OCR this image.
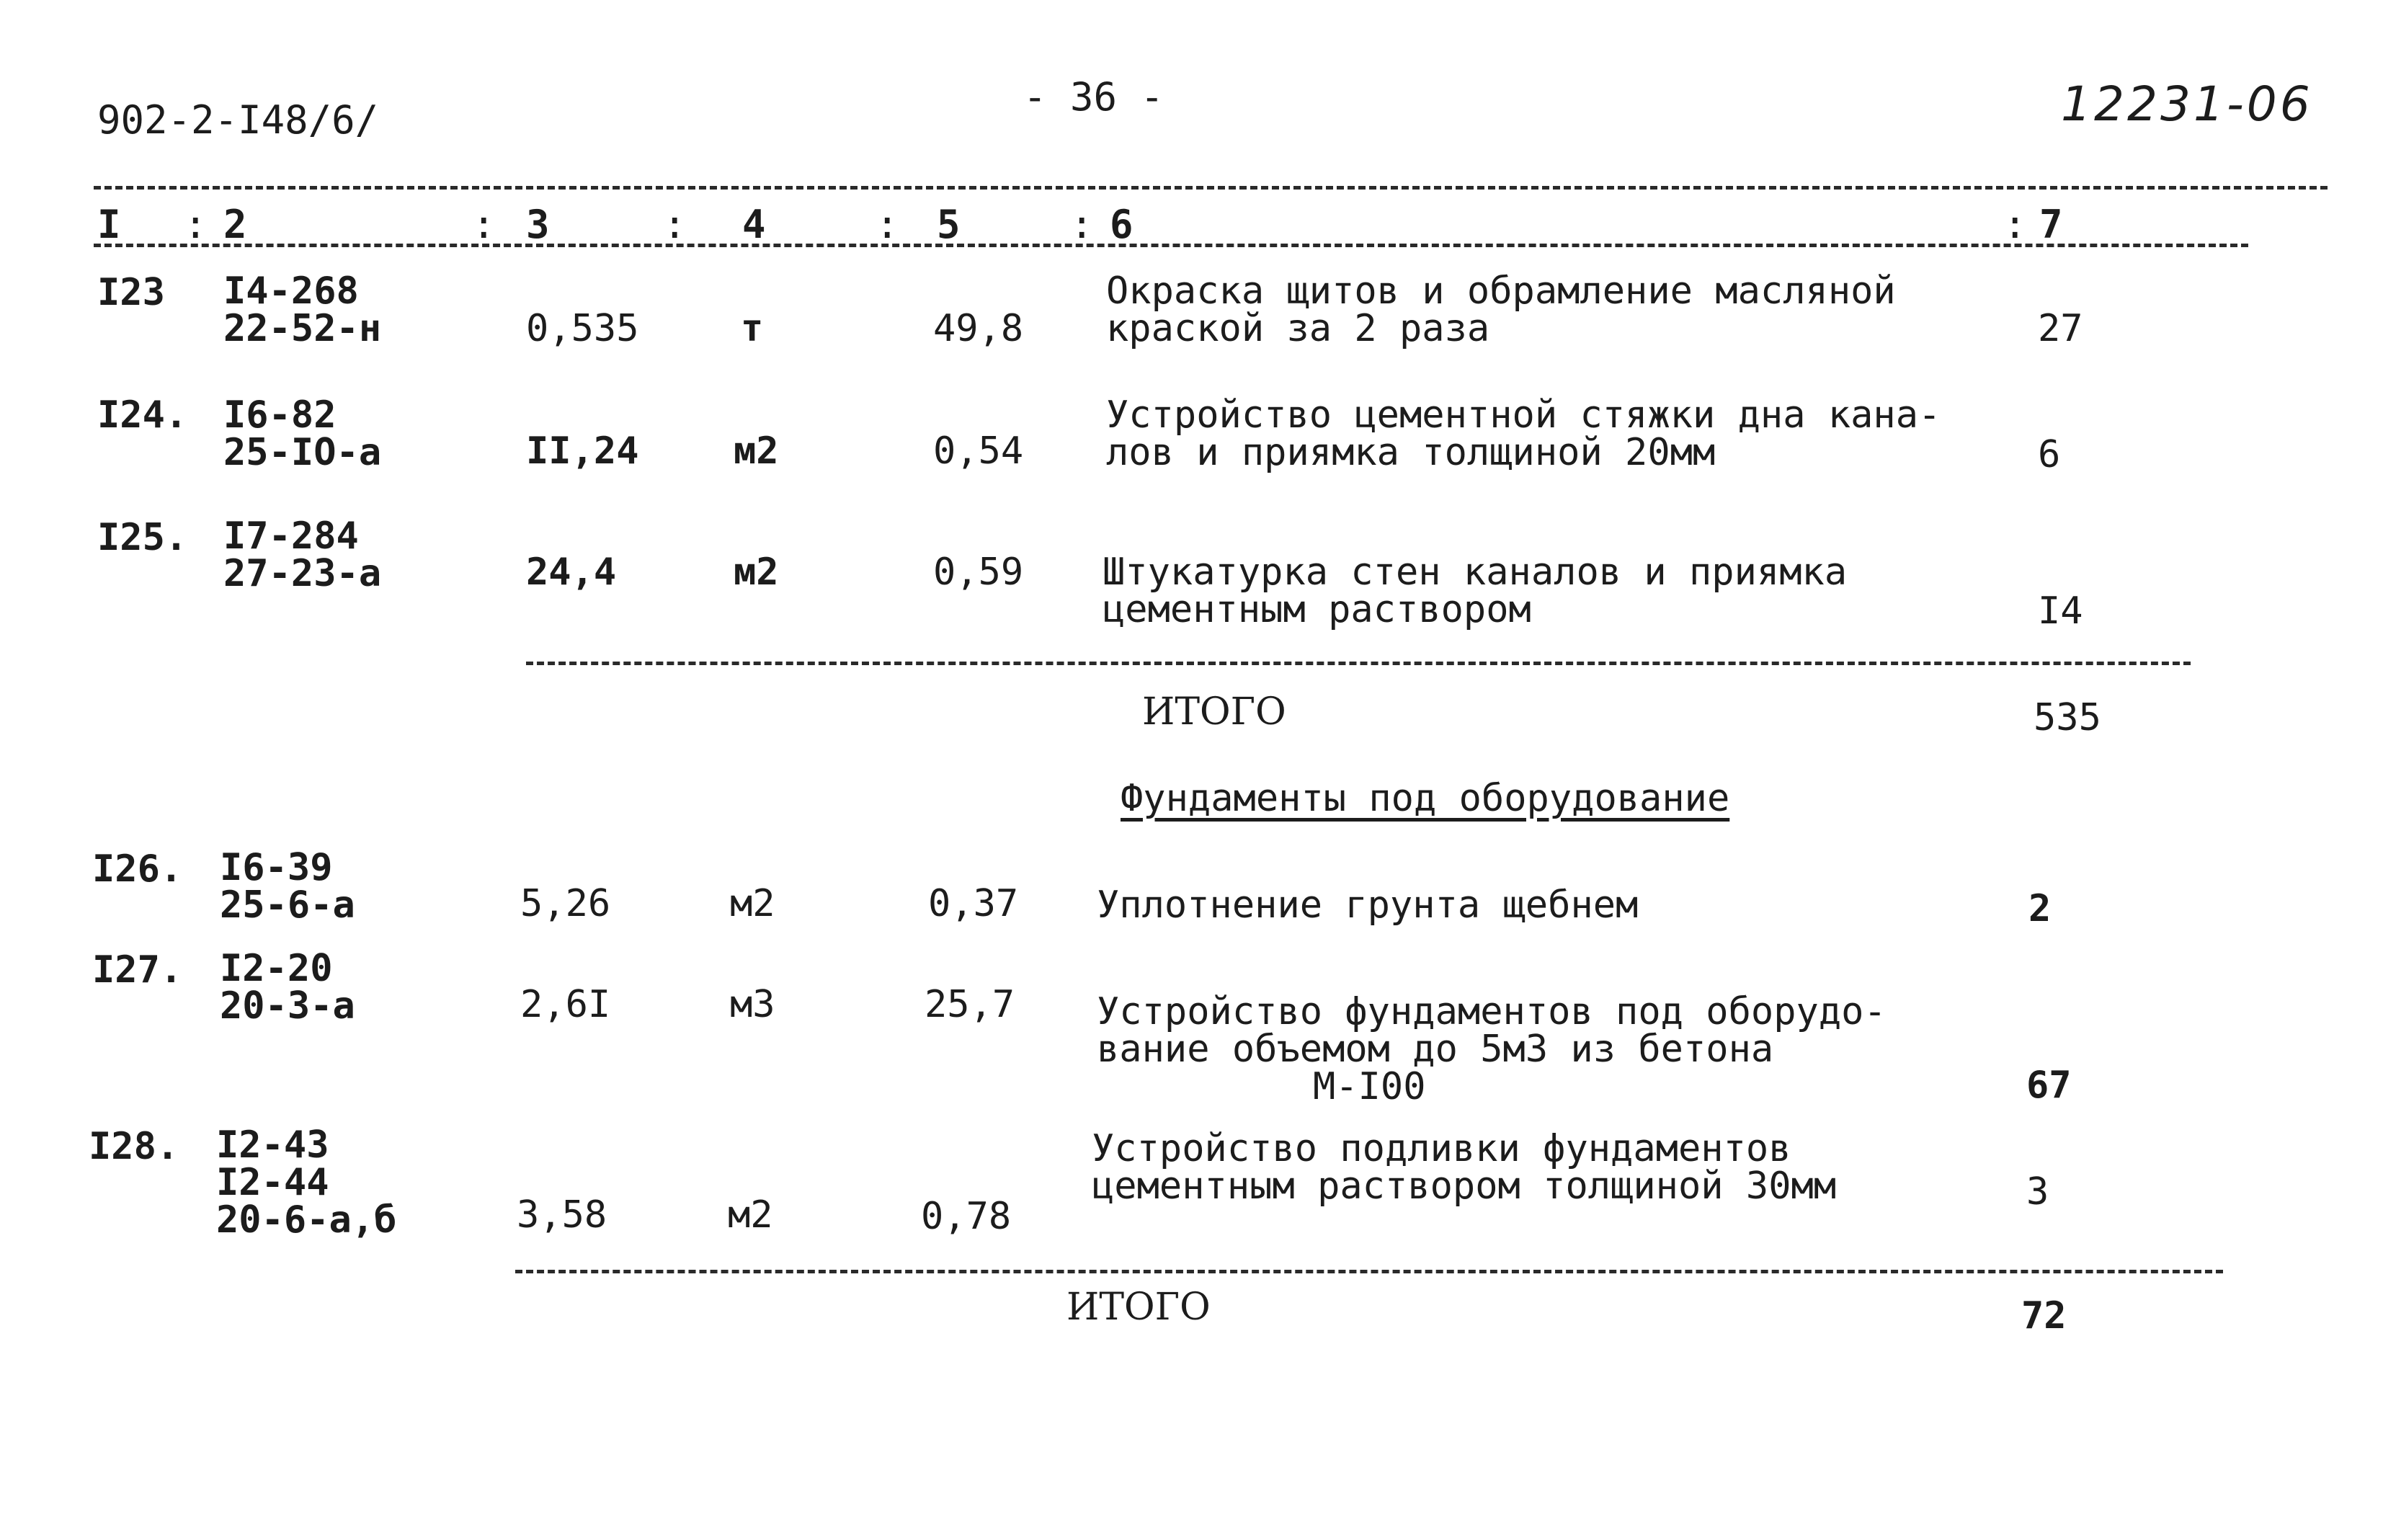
902-2-I48/6/
- 36 -	12231-06
I : 2	: 3	: 4	: 5	: 6	: 7
I23 I4-268
22-52-н	0,535	т	49,8
Окраска щитов и обрамление масляной
краской за 2 раза	27
I24. I6-82
25-IO-a	II,24	м2	0,54
Устройство цементной стяжки дна кана-
лов и приямка толщиной 20мм	6
I25. I7-284
27-23-a	24,4	м2	0,59 Штукатурка стен каналов и приямка
цементным раствором	I4
ИТОГО	535
Фундаменты под оборудование
I26. I6-39
25-6-a	5,26	м2	0,37 Уплотнение грунта щебнем	2
I27. I2-20
20-3-a	2,6I	м3	25,7 Устройство фундаментов под оборудо-
вание объемом до 5м3 из бетона
М-I00	67
I28. I2-43
I2-44
20-6-a,б	3,58	м2	0,78
Устройство подливки фундаментов
цементным раствором толщиной 30мм	3
ИТОГО	72
